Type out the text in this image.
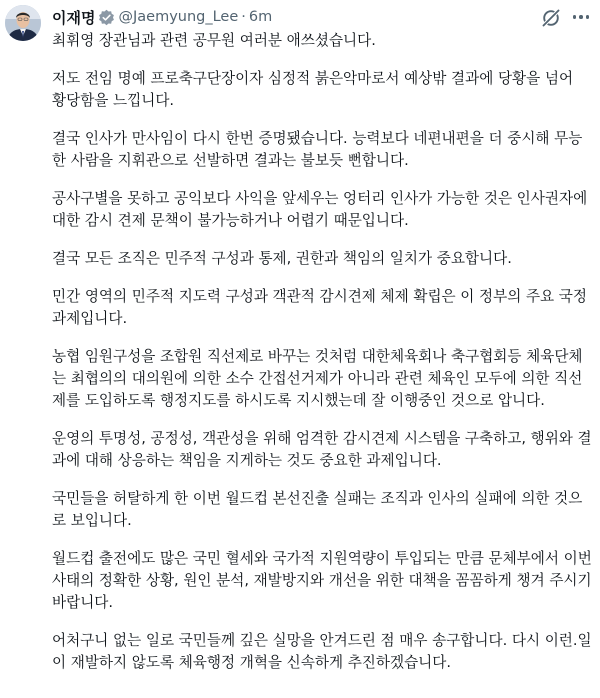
이재명 @Jaemyung_Lee · 6m
최휘영 장관님과 관련 공무원 여러분 애쓰셨습니다.
저도 전임 명예 프로축구단장이자 심정적 붉은악마로서 예상밖 결과에 당황을 넘어
황당함을 느낍니다.
결국 인사가 만사임이 다시 한번 증명됐습니다. 능력보다 네편내편을 더 중시해 무능
한 사람을 지휘관으로 선발하면 결과는 불보듯 뻔합니다.
공사구별을 못하고 공익보다 사익을 앞세우는 엉터리 인사가 가능한 것은 인사권자에
대한 감시 견제 문책이 불가능하거나 어렵기 때문입니다.
결국 모든 조직은 민주적 구성과 통제, 권한과 책임의 일치가 중요합니다.
민간 영역의 민주적 지도력 구성과 객관적 감시견제 체제 확립은 이 정부의 주요 국정
과제입니다.
농협 임원구성을 조합원 직선제로 바꾸는 것처럼 대한체육회나 축구협회등 체육단체
는 최협의의 대의원에 의한 소수 간접선거제가 아니라 관련 체육인 모두에 의한 직선
제를 도입하도록 행정지도를 하시도록 지시했는데 잘 이행중인 것으로 압니다.
운영의 투명성, 공정성, 객관성을 위해 엄격한 감시견제 시스템을 구축하고, 행위와 결
과에 대해 상응하는 책임을 지게하는 것도 중요한 과제입니다.
국민들을 허탈하게 한 이번 월드컵 본선진출 실패는 조직과 인사의 실패에 의한 것으
로 보입니다.
월드컵 출전에도 많은 국민 혈세와 국가적 지원역량이 투입되는 만큼 문체부에서 이번
사태의 정확한 상황, 원인 분석, 재발방지와 개선을 위한 대책을 꼼꼼하게 챙겨 주시기
바랍니다.
어처구니 없는 일로 국민들께 깊은 실망을 안겨드린 점 매우 송구합니다. 다시 이런.일
이 재발하지 않도록 체육행정 개혁을 신속하게 추진하겠습니다.
